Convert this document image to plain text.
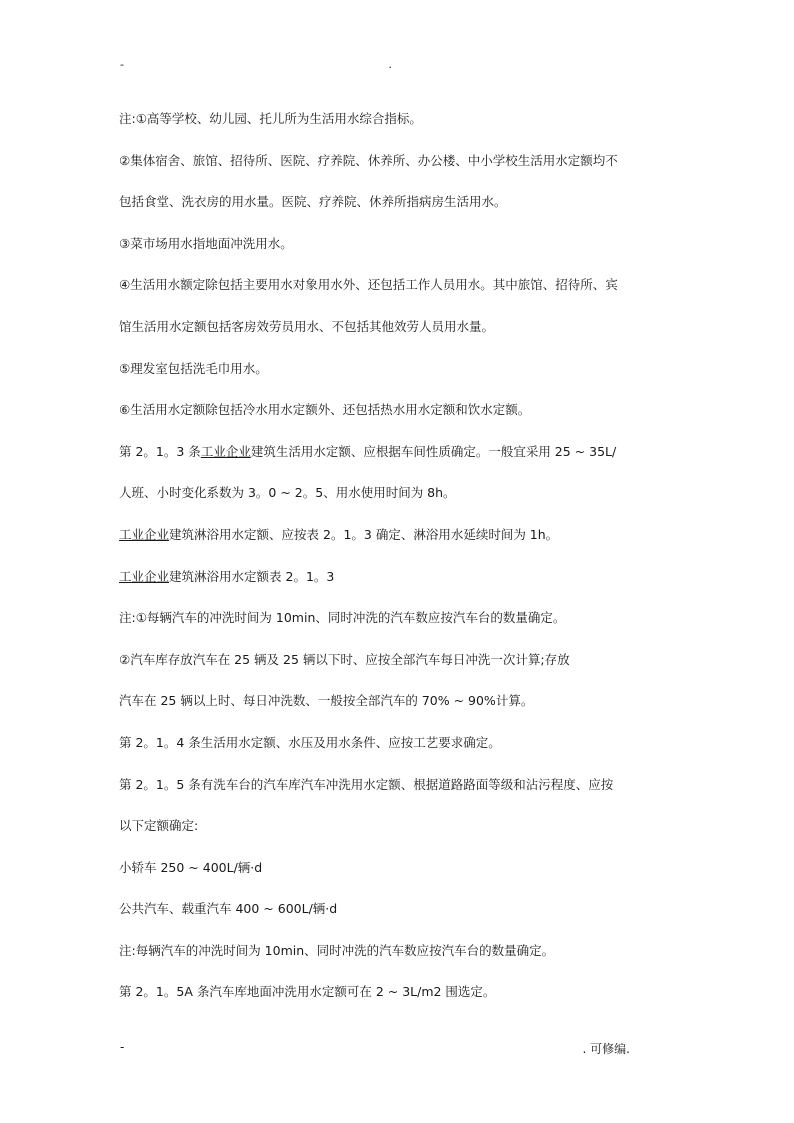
-	.

注:①高等学校、幼儿园、托儿所为生活用水综合指标。

②集体宿舍、旅馆、招待所、医院、疗养院、休养所、办公楼、中小学校生活用水定额均不

包括食堂、洗衣房的用水量。医院、疗养院、休养所指病房生活用水。

③菜市场用水指地面冲洗用水。

④生活用水额定除包括主要用水对象用水外、还包括工作人员用水。其中旅馆、招待所、宾

馆生活用水定额包括客房效劳员用水、不包括其他效劳人员用水量。

⑤理发室包括洗毛巾用水。

⑥生活用水定额除包括冷水用水定额外、还包括热水用水定额和饮水定额。

第 2。1。3 条工业企业建筑生活用水定额、应根据车间性质确定。一般宜采用 25 ~ 35L/

人班、小时变化系数为 3。0 ~ 2。5、用水使用时间为 8h。

工业企业建筑淋浴用水定额、应按表 2。1。3 确定、淋浴用水延续时间为 1h。

工业企业建筑淋浴用水定额表 2。1。3

注:①每辆汽车的冲洗时间为 10min、同时冲洗的汽车数应按汽车台的数量确定。

②汽车库存放汽车在 25 辆及 25 辆以下时、应按全部汽车每日冲洗一次计算;存放

汽车在 25 辆以上时、每日冲洗数、一般按全部汽车的 70% ~ 90%计算。

第 2。1。4 条生活用水定额、水压及用水条件、应按工艺要求确定。

第 2。1。5 条有洗车台的汽车库汽车冲洗用水定额、根据道路路面等级和沾污程度、应按

以下定额确定:

小轿车 250 ~ 400L/辆·d

公共汽车、载重汽车 400 ~ 600L/辆·d

注:每辆汽车的冲洗时间为 10min、同时冲洗的汽车数应按汽车台的数量确定。

第 2。1。5A 条汽车库地面冲洗用水定额可在 2 ~ 3L/m2 围选定。

-	. 可修编.
